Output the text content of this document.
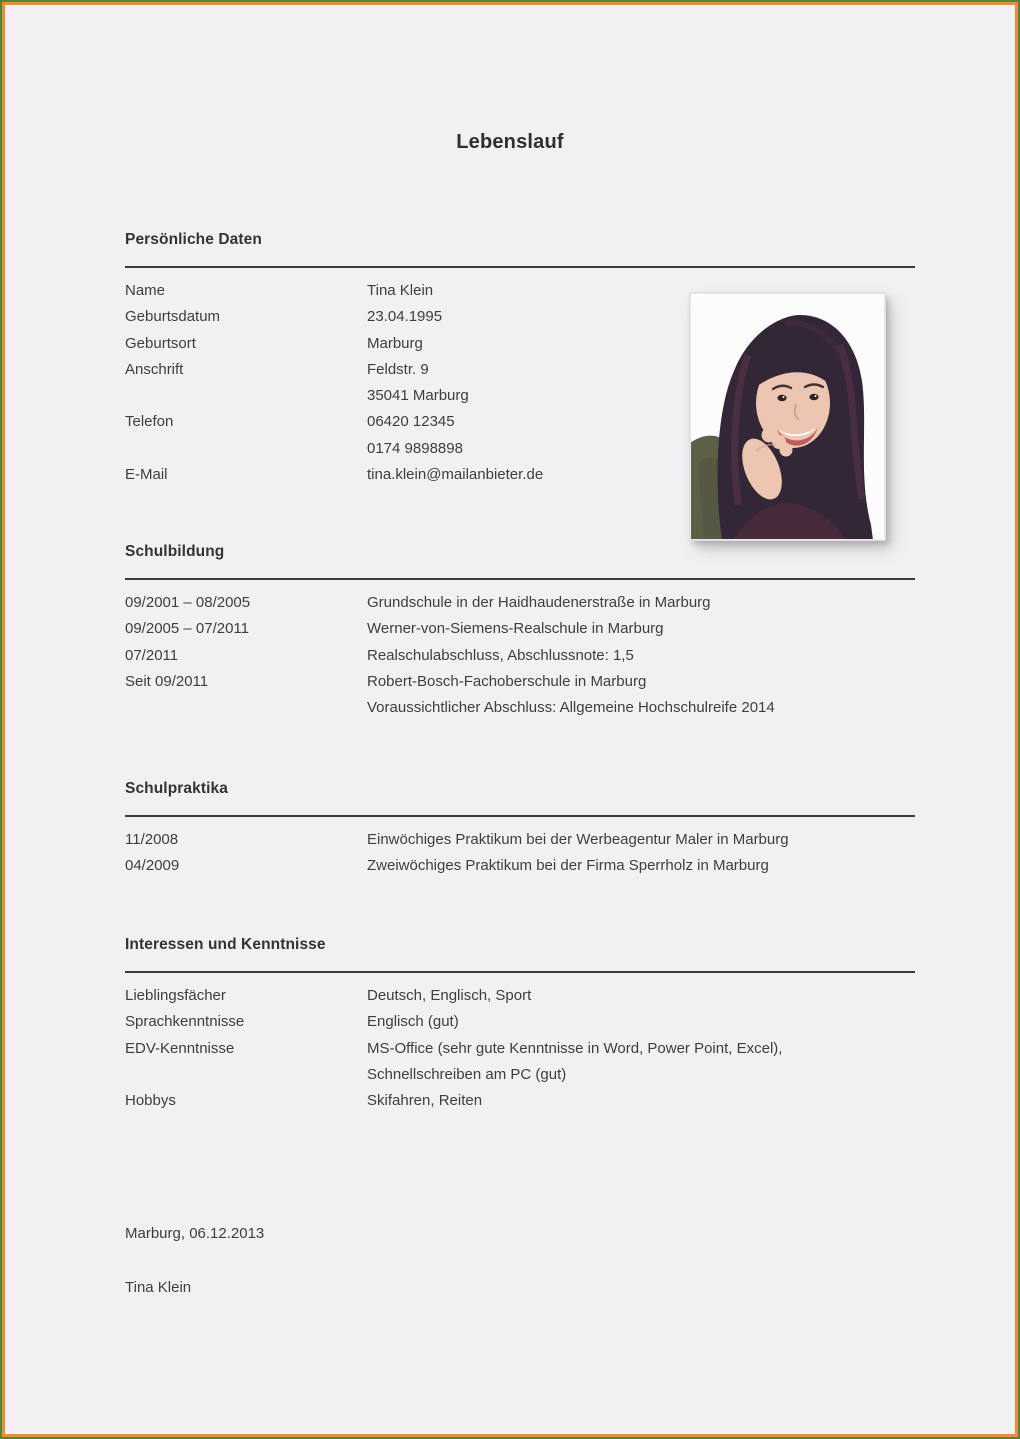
Lebenslauf
Persönliche Daten
Name	Tina Klein
Geburtsdatum	23.04.1995
Geburtsort	Marburg
Anschrift	Feldstr. 9
35041 Marburg
Telefon	06420 12345
0174 9898898
E-Mail	tina.klein@mailanbieter.de
Schulbildung
09/2001 – 08/2005	Grundschule in der Haidhaudenerstraße in Marburg
09/2005 – 07/2011	Werner-von-Siemens-Realschule in Marburg
07/2011	Realschulabschluss, Abschlussnote: 1,5
Seit 09/2011	Robert-Bosch-Fachoberschule in Marburg
Voraussichtlicher Abschluss: Allgemeine Hochschulreife 2014
Schulpraktika
11/2008	Einwöchiges Praktikum bei der Werbeagentur Maler in Marburg
04/2009	Zweiwöchiges Praktikum bei der Firma Sperrholz in Marburg
Interessen und Kenntnisse
Lieblingsfächer	Deutsch, Englisch, Sport
Sprachkenntnisse	Englisch (gut)
EDV-Kenntnisse	MS-Office (sehr gute Kenntnisse in Word, Power Point, Excel),
Schnellschreiben am PC (gut)
Hobbys	Skifahren, Reiten
Marburg, 06.12.2013
Tina Klein
